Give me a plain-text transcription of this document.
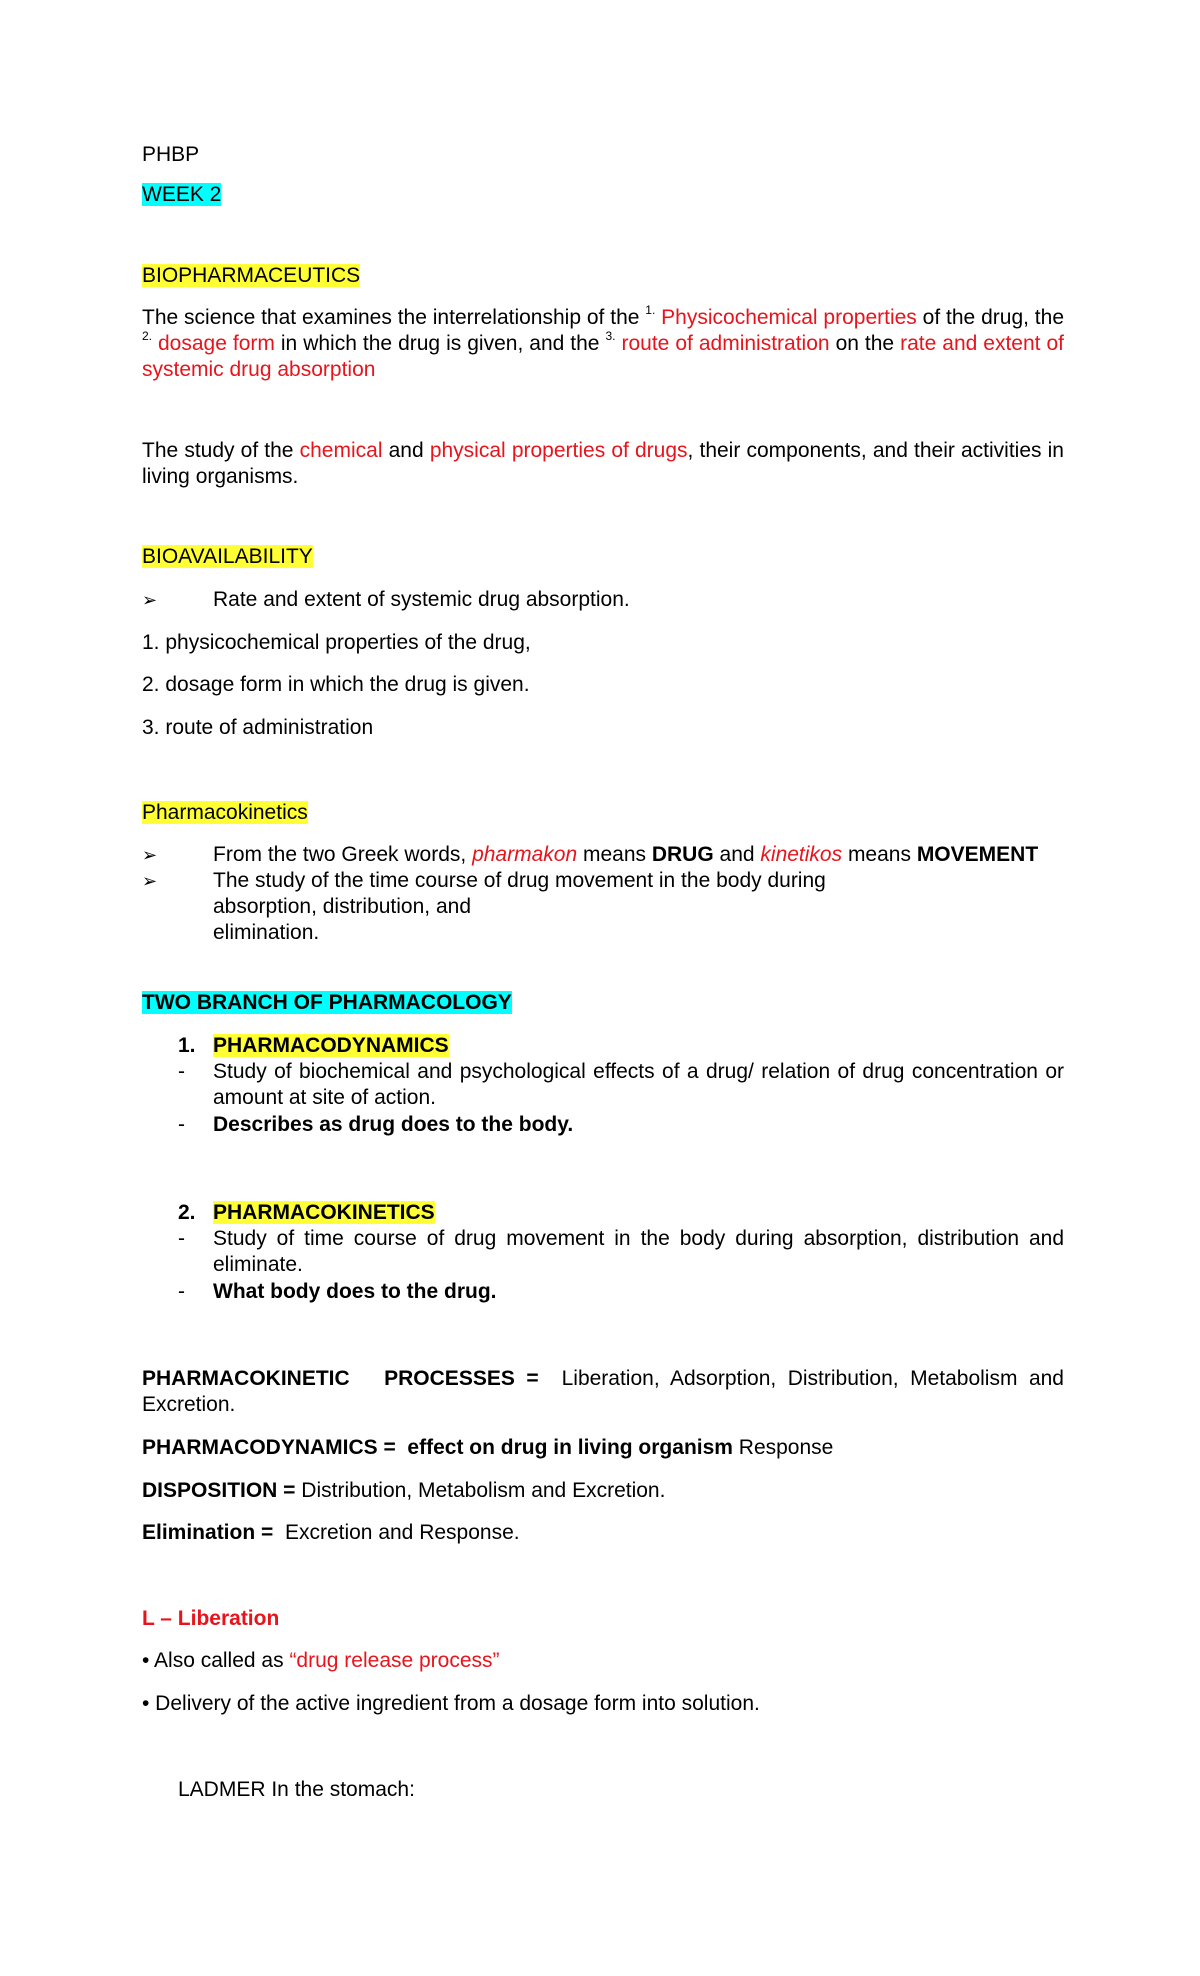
PHBP
WEEK 2
BIOPHARMACEUTICS
The science that examines the interrelationship of the $^{1.}$ Physicochemical properties of the drug, the $^{2.}$ dosage form in which the drug is given, and the $^{3.}$ route of administration on the rate and extent of systemic drug absorption
The study of the chemical and physical properties of drugs, their components, and their activities in living organisms.
BIOAVAILABILITY
➢	Rate and extent of systemic drug absorption.
1. physicochemical properties of the drug,
2. dosage form in which the drug is given.
3. route of administration
Pharmacokinetics
➢	From the two Greek words, pharmakon means DRUG and kinetikos means MOVEMENT
➢	The study of the time course of drug movement in the body during
absorption, distribution, and
elimination.
TWO BRANCH OF PHARMACOLOGY
1. PHARMACODYNAMICS
- Study of biochemical and psychological effects of a drug/ relation of drug concentration or amount at site of action.
- Describes as drug does to the body.
2. PHARMACOKINETICS
- Study of time course of drug movement in the body during absorption, distribution and eliminate.
- What body does to the drug.
PHARMACOKINETIC   PROCESSES =  Liberation, Adsorption, Distribution, Metabolism and Excretion.
PHARMACODYNAMICS =  effect on drug in living organism Response
DISPOSITION = Distribution, Metabolism and Excretion.
Elimination =  Excretion and Response.
L – Liberation
• Also called as “drug release process”
• Delivery of the active ingredient from a dosage form into solution.
LADMER In the stomach:
